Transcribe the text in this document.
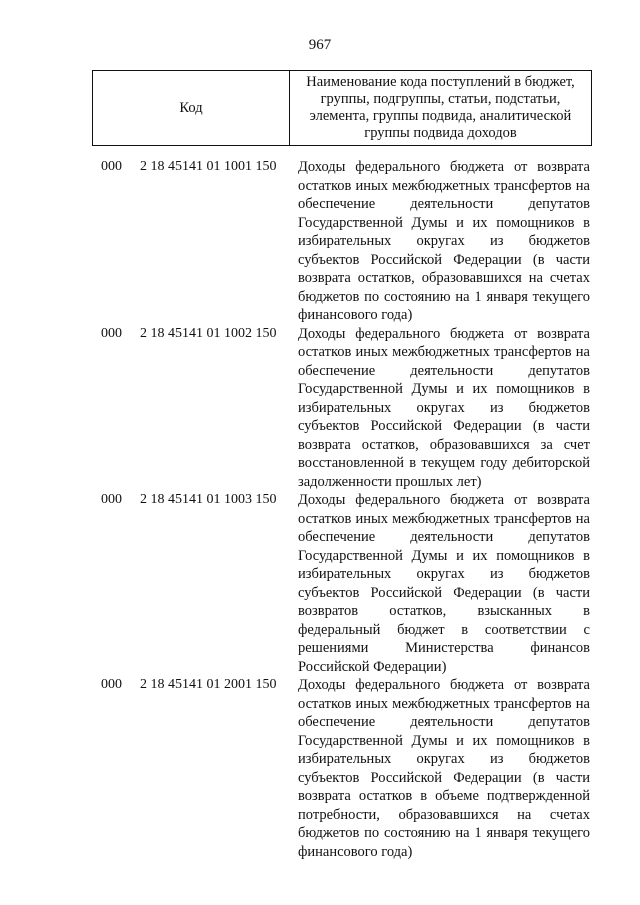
967
Код
Наименование кода поступлений в бюджет,
группы, подгруппы, статьи, подстатьи,
элемента, группы подвида, аналитической
группы подвида доходов
000 2 18 45141 01 1001 150 Доходы федерального бюджета от возврата
остатков иных межбюджетных трансфертов на
обеспечение деятельности депутатов
Государственной Думы и их помощников в
избирательных округах из бюджетов
субъектов Российской Федерации (в части
возврата остатков, образовавшихся на счетах
бюджетов по состоянию на 1 января текущего
финансового года)
000 2 18 45141 01 1002 150 Доходы федерального бюджета от возврата
остатков иных межбюджетных трансфертов на
обеспечение деятельности депутатов
Государственной Думы и их помощников в
избирательных округах из бюджетов
субъектов Российской Федерации (в части
возврата остатков, образовавшихся за счет
восстановленной в текущем году дебиторской
задолженности прошлых лет)
000 2 18 45141 01 1003 150 Доходы федерального бюджета от возврата
остатков иных межбюджетных трансфертов на
обеспечение деятельности депутатов
Государственной Думы и их помощников в
избирательных округах из бюджетов
субъектов Российской Федерации (в части
возвратов остатков, взысканных в
федеральный бюджет в соответствии с
решениями Министерства финансов
Российской Федерации)
000 2 18 45141 01 2001 150 Доходы федерального бюджета от возврата
остатков иных межбюджетных трансфертов на
обеспечение деятельности депутатов
Государственной Думы и их помощников в
избирательных округах из бюджетов
субъектов Российской Федерации (в части
возврата остатков в объеме подтвержденной
потребности, образовавшихся на счетах
бюджетов по состоянию на 1 января текущего
финансового года)
